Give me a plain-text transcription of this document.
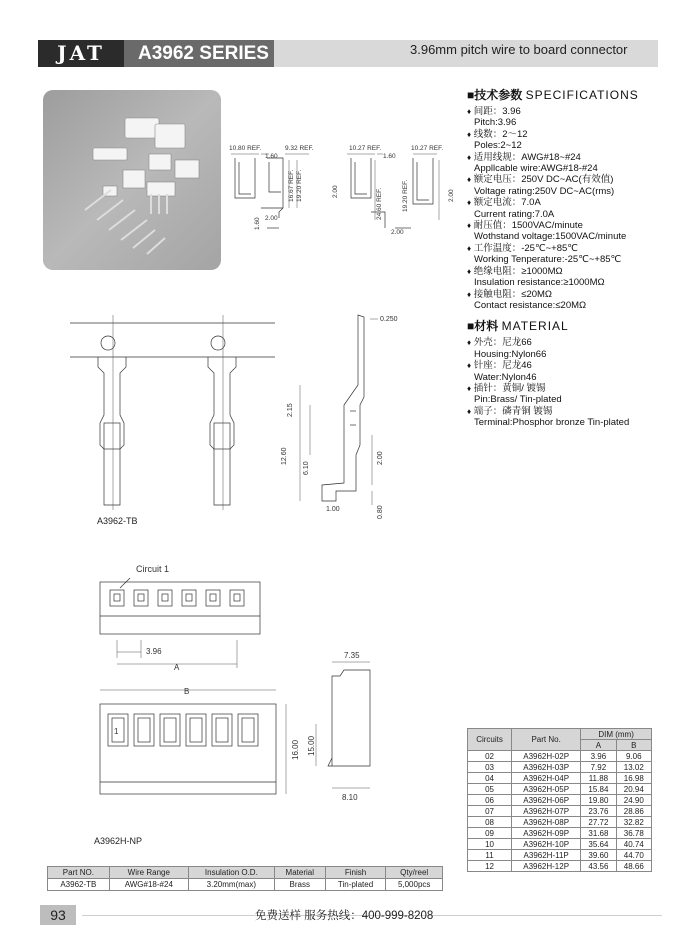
JAT	A3962 SERIES	3.96mm pitch wire to board connector
10.80 REF.
1.60
9.32 REF.	10.27 REF.
1.60
10.27 REF.
2.00
2.00
16.67 REF. 19.20 REF.	2.00
1.60
24.60 REF.	19.20 REF.	2.00
■技术参数 SPECIFICATIONS
♦ 间距：3.96
Pitch:3.96
♦ 线数：2～12
Poles:2~12
♦ 适用线规：AWG#18~#24
Appllcable wire:AWG#18-#24
♦ 额定电压：250V DC~AC(有效值)
Voltage rating:250V DC~AC(rms)
♦ 额定电流：7.0A
Current rating:7.0A
♦ 耐压值：1500VAC/minute
Wothstand voltage:1500VAC/minute
♦ 工作温度：-25℃~+85℃
Working Tenperature:-25℃~+85℃
♦ 绝缘电阻：≥1000MΩ
Insulation resistance:≥1000MΩ
♦ 接触电阻：≤20MΩ
Contact resistance:≤20MΩ
■材料 MATERIAL
♦ 外壳：尼龙66
Housing:Nylon66
♦ 针座：尼龙46
Water:Nylon46
♦ 插针：黄铜/ 镀锡
Pin:Brass/ Tin-plated
♦ 端子：磷青铜 镀锡
Terminal:Phosphor bronze Tin-plated
0.250
2.15
12.60
6.10
2.00
1.00	0.80
A3962-TB
Circuit 1
3.96
A
B
1
16.00 15.00
7.35
8.10
A3962H-NP
Circuits	Part No.	DIM (mm)	
		A	B
02	A3962H-02P	3.96	9.06
03	A3962H-03P	7.92	13.02
04	A3962H-04P	11.88	16.98
05	A3962H-05P	15.84	20.94
06	A3962H-06P	19.80	24.90
07	A3962H-07P	23.76	28.86
08	A3962H-08P	27.72	32.82
09	A3962H-09P	31.68	36.78
10	A3962H-10P	35.64	40.74
11	A3962H-11P	39.60	44.70
12	A3962H-12P	43.56	48.66
Part NO.	Wire Range	Insulation O.D.	Material	Finish	Qty/reel
A3962-TB	AWG#18-#24	3.20mm(max)	Brass	Tin-plated	5,000pcs
93	免费送样 服务热线：400-999-8208
